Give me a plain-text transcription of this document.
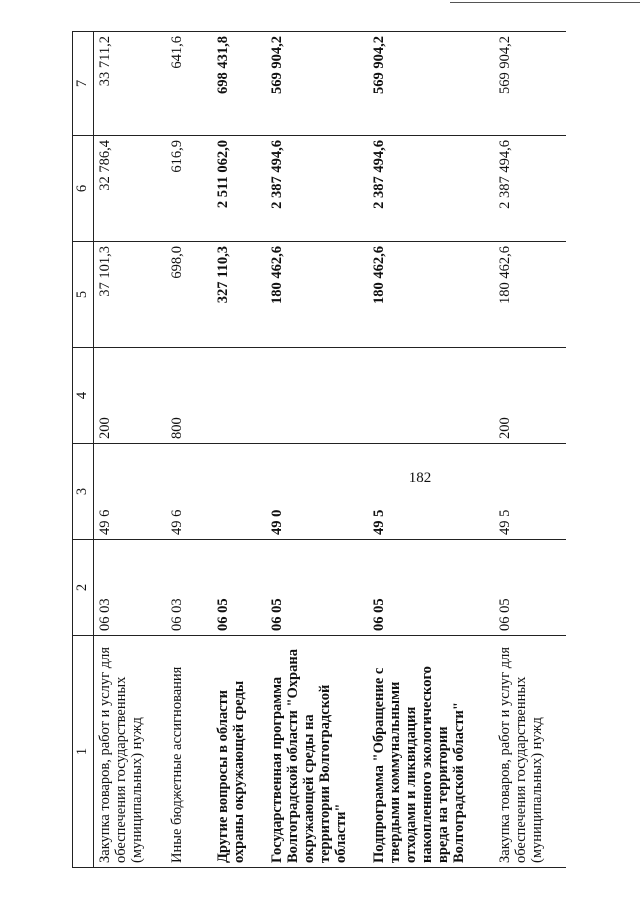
182
1	2	3	4	5	6	7
Закупка товаров, работ и услуг для обеспечения государственных (муниципальных) нужд	06 03	49 6	200	37 101,3	32 786,4	33 711,2
Иные бюджетные ассигнования	06 03	49 6	800	698,0	616,9	641,6
Другие вопросы в области охраны окружающей среды	06 05			327 110,3	2 511 062,0	698 431,8
Государственная программа Волгоградской области "Охрана окружающей среды на территории Волгоградской области"	06 05	49 0		180 462,6	2 387 494,6	569 904,2
Подпрограмма "Обращение с твердыми коммунальными отходами и ликвидация накопленного экологического вреда на территории Волгоградской области"	06 05	49 5		180 462,6	2 387 494,6	569 904,2
Закупка товаров, работ и услуг для обеспечения государственных (муниципальных) нужд	06 05	49 5	200	180 462,6	2 387 494,6	569 904,2
